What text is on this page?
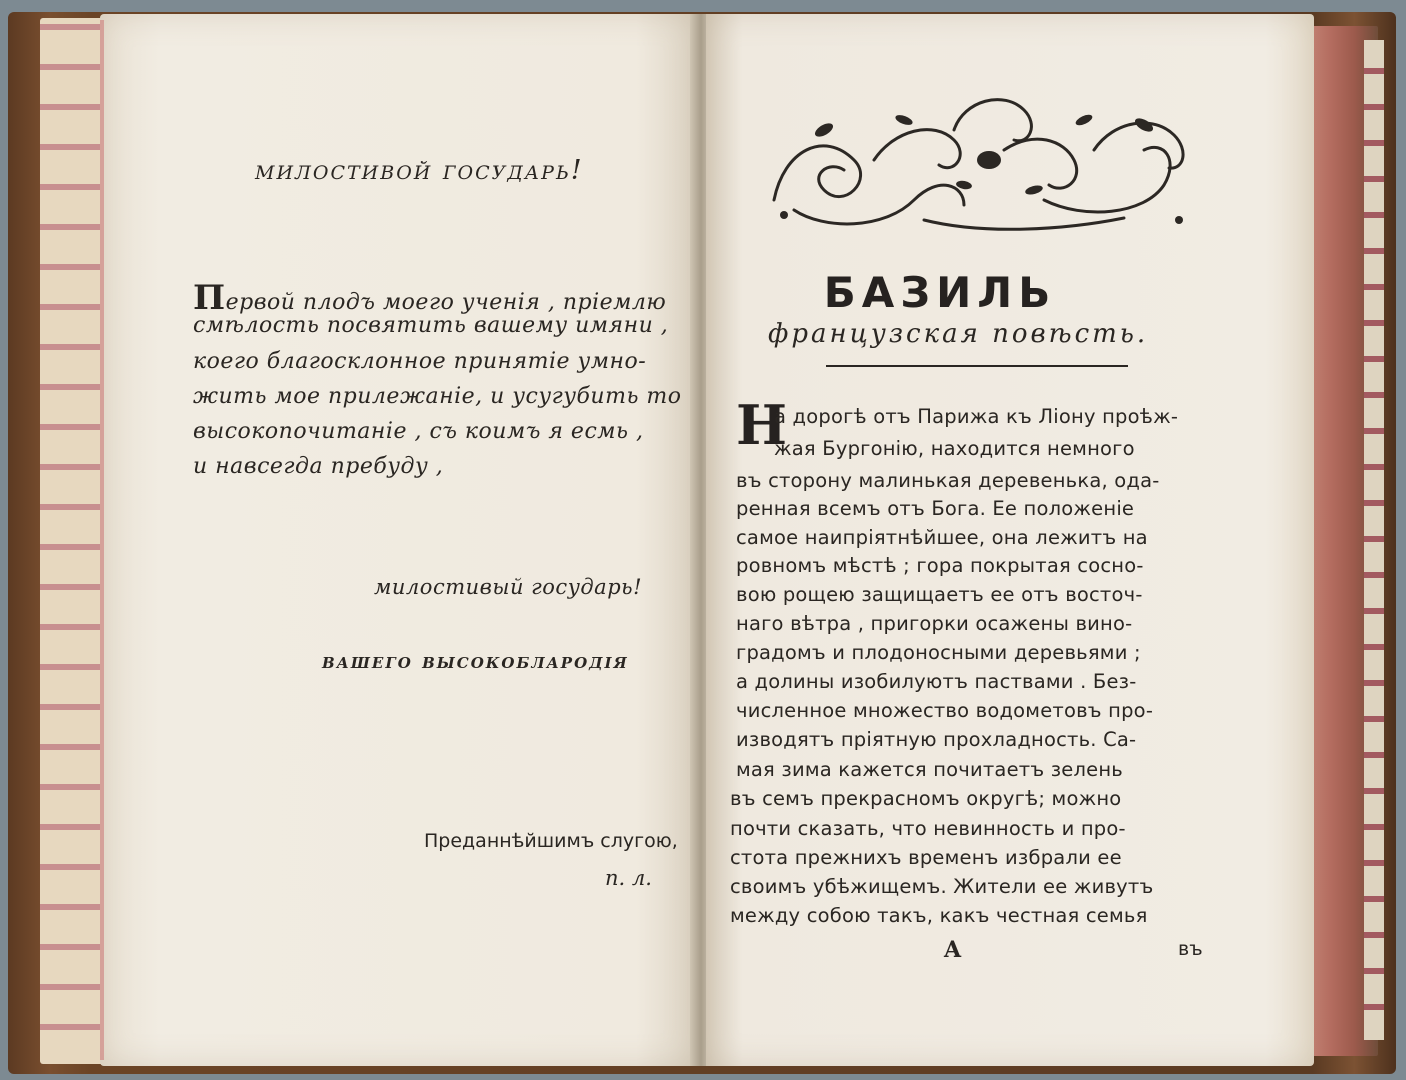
милостивой государь!
Первой плодъ моего ученія , пріемлю
смѣлость посвятить вашему имяни ,
коего благосклонное принятіе умно-
жить мое прилежаніе, и усугубить то
высокопочитаніе , съ коимъ я есмь ,
и навсегда пребуду ,
милостивый государь!
вашего высокоблародія
Преданнѣйшимъ слугою,
п. л.
БАЗИЛЬ
французская повѣсть.
Н
а дорогѣ отъ Парижа къ Ліону проѣж-
жая Бургонію, находится немного
въ сторону малинькая деревенька, ода-
ренная всемъ отъ Бога. Ее положеніе
самое наипріятнѣйшее, она лежитъ на
ровномъ мѣстѣ ; гора покрытая сосно-
вою рощею защищаетъ ее отъ восточ-
наго вѣтра , пригорки осажены вино-
градомъ и плодоносными деревьями ;
а долины изобилуютъ паствами . Без-
численное множество водометовъ про-
изводятъ пріятную прохладность. Са-
мая зима кажется почитаетъ зелень
въ семъ прекрасномъ округѣ; можно
почти сказать, что невинность и про-
стота прежнихъ временъ избрали ее
своимъ убѣжищемъ. Жители ее живутъ
между собою такъ, какъ честная семья
A	въ
